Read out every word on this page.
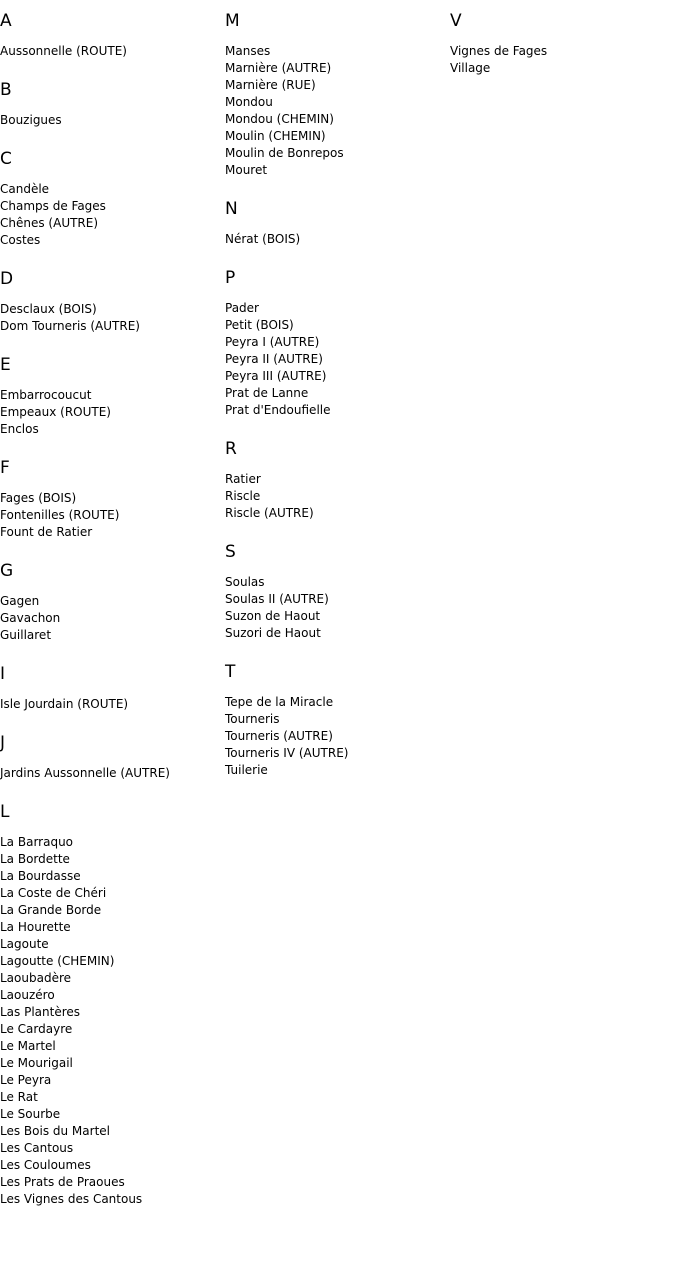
A
Aussonnelle (ROUTE)
B
Bouzigues
C
Candèle
Champs de Fages
Chênes (AUTRE)
Costes
D
Desclaux (BOIS)
Dom Tourneris (AUTRE)
E
Embarrocoucut
Empeaux (ROUTE)
Enclos
F
Fages (BOIS)
Fontenilles (ROUTE)
Fount de Ratier
G
Gagen
Gavachon
Guillaret
I
Isle Jourdain (ROUTE)
J
Jardins Aussonnelle (AUTRE)
L
La Barraquo
La Bordette
La Bourdasse
La Coste de Chéri
La Grande Borde
La Hourette
Lagoute
Lagoutte (CHEMIN)
Laoubadère
Laouzéro
Las Plantères
Le Cardayre
Le Martel
Le Mourigail
Le Peyra
Le Rat
Le Sourbe
Les Bois du Martel
Les Cantous
Les Couloumes
Les Prats de Praoues
Les Vignes des Cantous
M
Manses
Marnière (AUTRE)
Marnière (RUE)
Mondou
Mondou (CHEMIN)
Moulin (CHEMIN)
Moulin de Bonrepos
Mouret
N
Nérat (BOIS)
P
Pader
Petit (BOIS)
Peyra I (AUTRE)
Peyra II (AUTRE)
Peyra III (AUTRE)
Prat de Lanne
Prat d'Endoufielle
R
Ratier
Riscle
Riscle (AUTRE)
S
Soulas
Soulas II (AUTRE)
Suzon de Haout
Suzori de Haout
T
Tepe de la Miracle
Tourneris
Tourneris (AUTRE)
Tourneris IV (AUTRE)
Tuilerie
V
Vignes de Fages
Village
